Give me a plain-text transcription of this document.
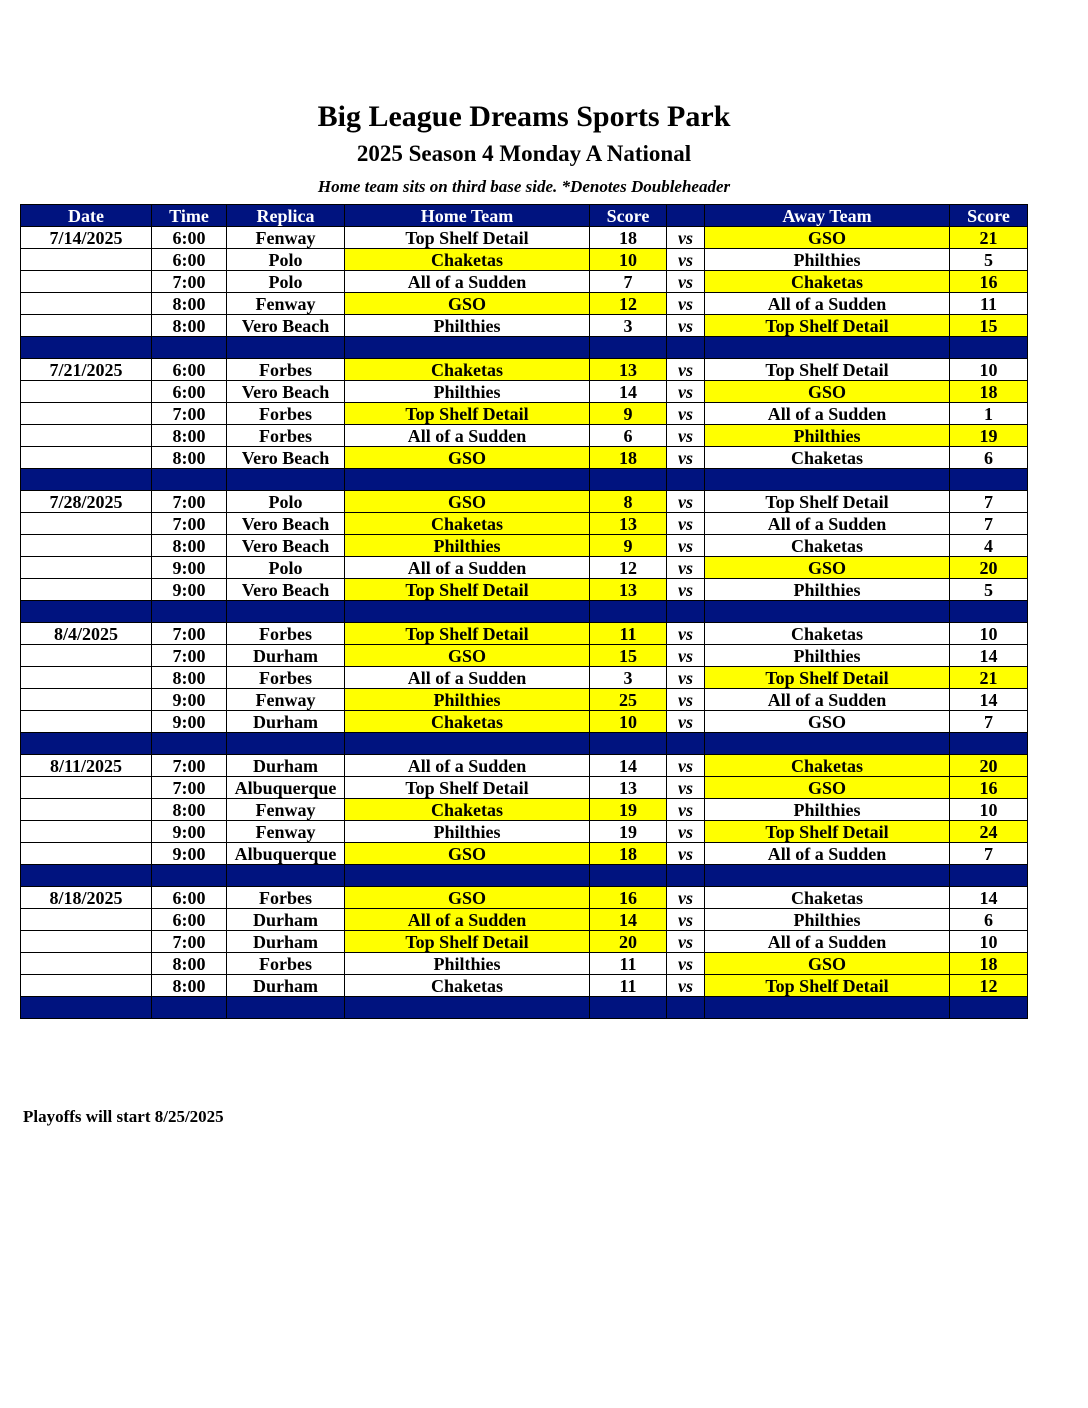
Big League Dreams Sports Park
2025 Season 4 Monday A National
Home team sits on third base side. *Denotes Doubleheader
Date	Time	Replica	Home Team	Score		Away Team	Score
7/14/2025	6:00	Fenway	Top Shelf Detail	18	vs	GSO	21
	6:00	Polo	Chaketas	10	vs	Philthies	5
	7:00	Polo	All of a Sudden	7	vs	Chaketas	16
	8:00	Fenway	GSO	12	vs	All of a Sudden	11
	8:00	Vero Beach	Philthies	3	vs	Top Shelf Detail	15

7/21/2025	6:00	Forbes	Chaketas	13	vs	Top Shelf Detail	10
	6:00	Vero Beach	Philthies	14	vs	GSO	18
	7:00	Forbes	Top Shelf Detail	9	vs	All of a Sudden	1
	8:00	Forbes	All of a Sudden	6	vs	Philthies	19
	8:00	Vero Beach	GSO	18	vs	Chaketas	6

7/28/2025	7:00	Polo	GSO	8	vs	Top Shelf Detail	7
	7:00	Vero Beach	Chaketas	13	vs	All of a Sudden	7
	8:00	Vero Beach	Philthies	9	vs	Chaketas	4
	9:00	Polo	All of a Sudden	12	vs	GSO	20
	9:00	Vero Beach	Top Shelf Detail	13	vs	Philthies	5

8/4/2025	7:00	Forbes	Top Shelf Detail	11	vs	Chaketas	10
	7:00	Durham	GSO	15	vs	Philthies	14
	8:00	Forbes	All of a Sudden	3	vs	Top Shelf Detail	21
	9:00	Fenway	Philthies	25	vs	All of a Sudden	14
	9:00	Durham	Chaketas	10	vs	GSO	7

8/11/2025	7:00	Durham	All of a Sudden	14	vs	Chaketas	20
	7:00	Albuquerque	Top Shelf Detail	13	vs	GSO	16
	8:00	Fenway	Chaketas	19	vs	Philthies	10
	9:00	Fenway	Philthies	19	vs	Top Shelf Detail	24
	9:00	Albuquerque	GSO	18	vs	All of a Sudden	7

8/18/2025	6:00	Forbes	GSO	16	vs	Chaketas	14
	6:00	Durham	All of a Sudden	14	vs	Philthies	6
	7:00	Durham	Top Shelf Detail	20	vs	All of a Sudden	10
	8:00	Forbes	Philthies	11	vs	GSO	18
	8:00	Durham	Chaketas	11	vs	Top Shelf Detail	12

Playoffs will start 8/25/2025
